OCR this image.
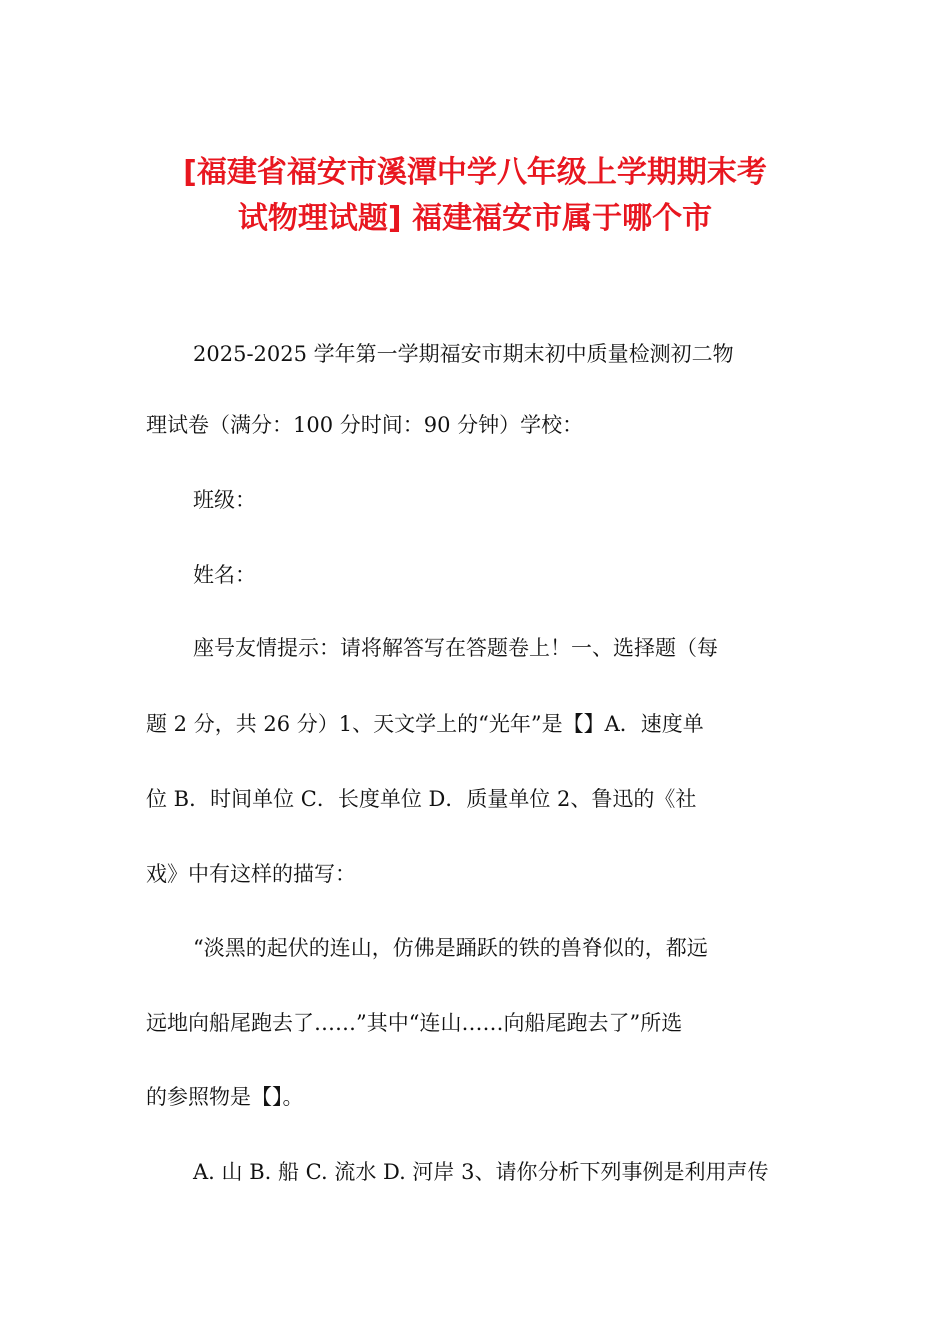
[福建省福安市溪潭中学八年级上学期期末考
试物理试题] 福建福安市属于哪个市
2025-2025 学年第一学期福安市期末初中质量检测初二物
理试卷（满分：100 分时间：90 分钟）学校：
班级：
姓名：
座号友情提示：请将解答写在答题卷上！一、选择题（每
题 2 分，共 26 分）1、天文学上的“光年”是【】A．速度单
位 B．时间单位 C．长度单位 D．质量单位 2、鲁迅的《社
戏》中有这样的描写：
“淡黑的起伏的连山，仿佛是踊跃的铁的兽脊似的，都远
远地向船尾跑去了……”其中“连山……向船尾跑去了”所选
的参照物是【】。
A. 山 B. 船 C. 流水 D. 河岸 3、请你分析下列事例是利用声传
